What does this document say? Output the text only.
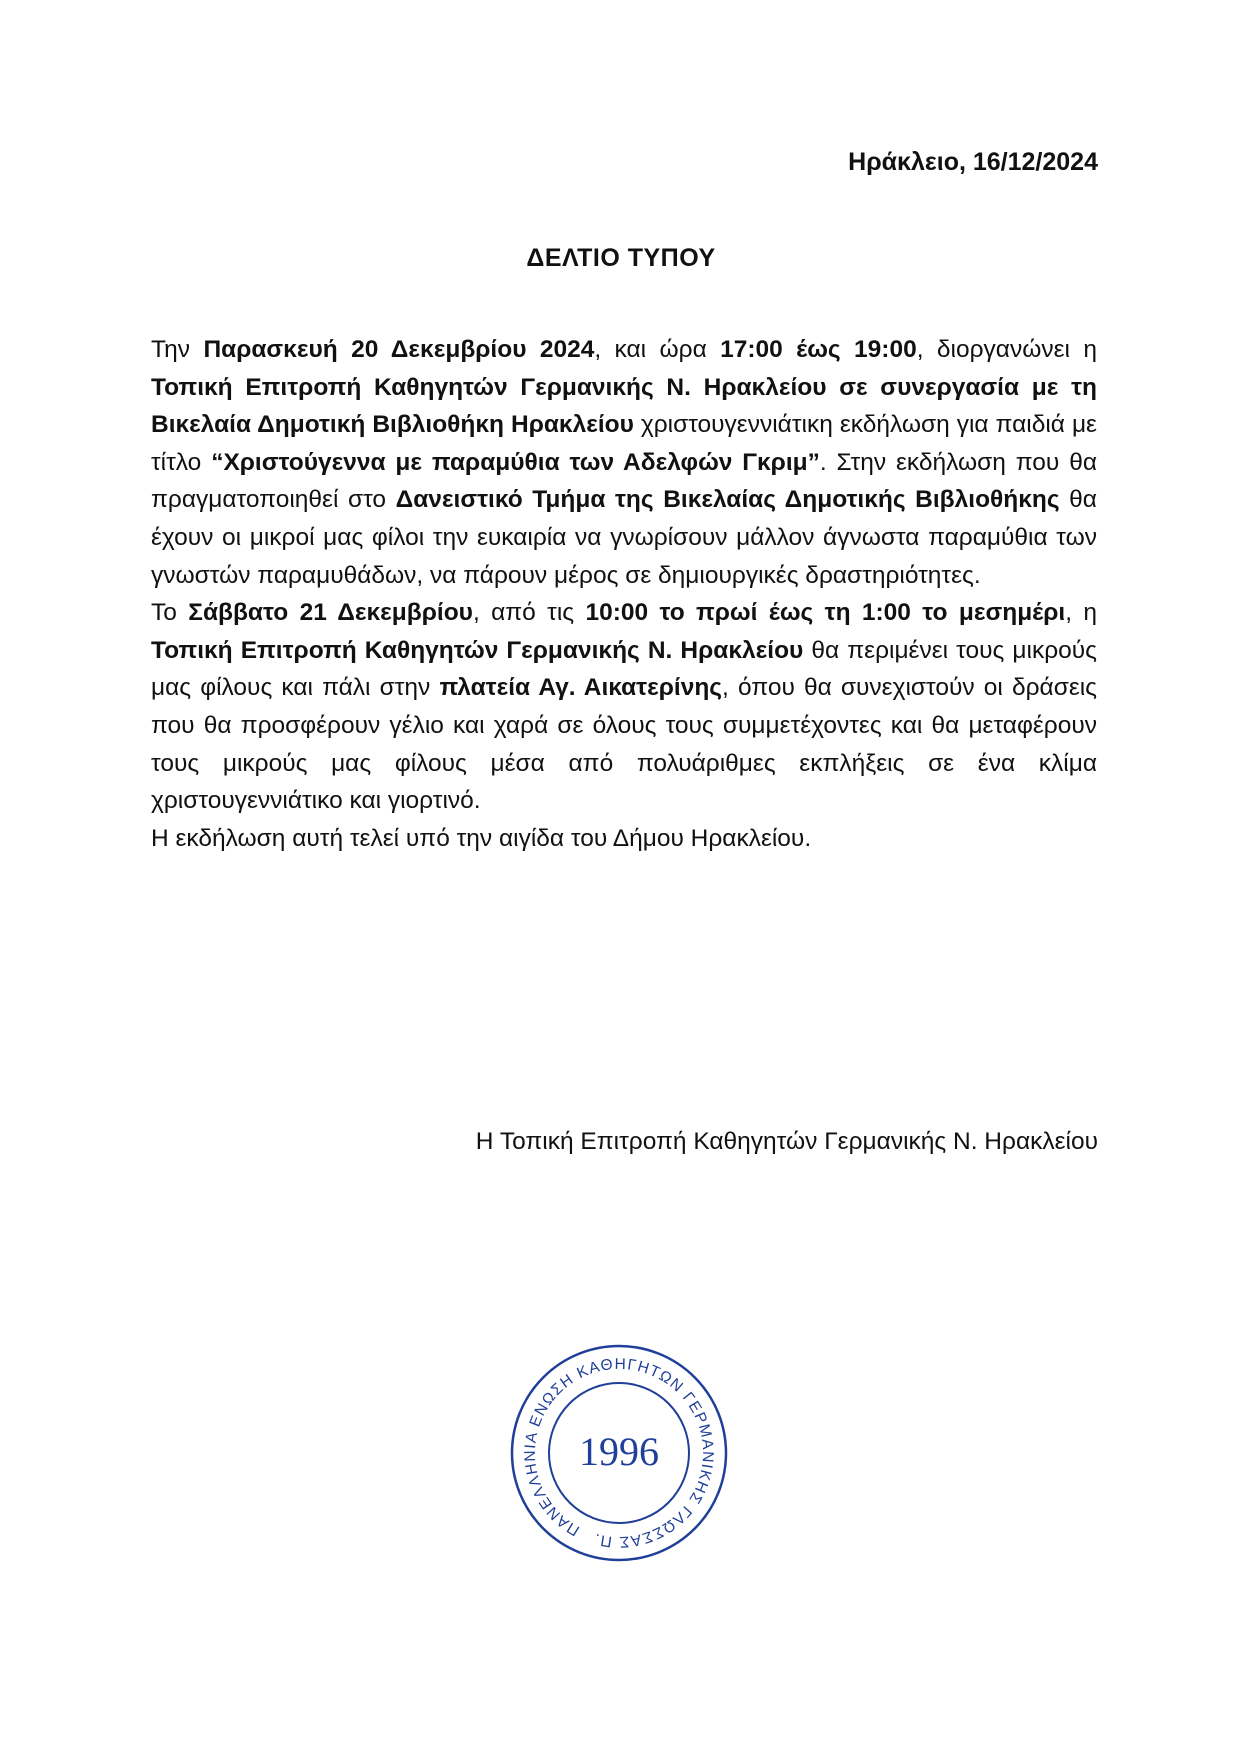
Ηράκλειο, 16/12/2024
ΔΕΛΤΙΟ ΤΥΠΟΥ

Την Παρασκευή 20 Δεκεμβρίου 2024, και ώρα 17:00 έως 19:00, διοργανώνει η Τοπική Επιτροπή Καθηγητών Γερμανικής Ν. Ηρακλείου σε συνεργασία με τη Βικελαία Δημοτική Βιβλιοθήκη Ηρακλείου χριστουγεννιάτικη εκδήλωση για παιδιά με τίτλο “Χριστούγεννα με παραμύθια των Αδελφών Γκριμ”. Στην εκδήλωση που θα πραγματοποιηθεί στο Δανειστικό Τμήμα της Βικελαίας Δημοτικής Βιβλιοθήκης θα έχουν οι μικροί μας φίλοι την ευκαιρία να γνωρίσουν μάλλον άγνωστα παραμύθια των γνωστών παραμυθάδων, να πάρουν μέρος σε δημιουργικές δραστηριότητες.

Το Σάββατο 21 Δεκεμβρίου, από τις 10:00 το πρωί έως τη 1:00 το μεσημέρι, η Τοπική Επιτροπή Καθηγητών Γερμανικής Ν. Ηρακλείου θα περιμένει τους μικρούς μας φίλους και πάλι στην πλατεία Αγ. Αικατερίνης, όπου θα συνεχιστούν οι δράσεις που θα προσφέρουν γέλιο και χαρά σε όλους τους συμμετέχοντες και θα μεταφέρουν τους μικρούς μας φίλους μέσα από πολυάριθμες εκπλήξεις σε ένα κλίμα χριστουγεννιάτικο και γιορτινό.

Η εκδήλωση αυτή τελεί υπό την αιγίδα του Δήμου Ηρακλείου.

Η Τοπική Επιτροπή Καθηγητών Γερμανικής Ν. Ηρακλείου
ΠΑΝΕΛΛΗΝΙΑ ΕΝΩΣΗ ΚΑΘΗΓΗΤΩΝ ΓΕΡΜΑΝΙΚΗΣ ΓΛΩΣΣΑΣ Π.Ε.
1996
